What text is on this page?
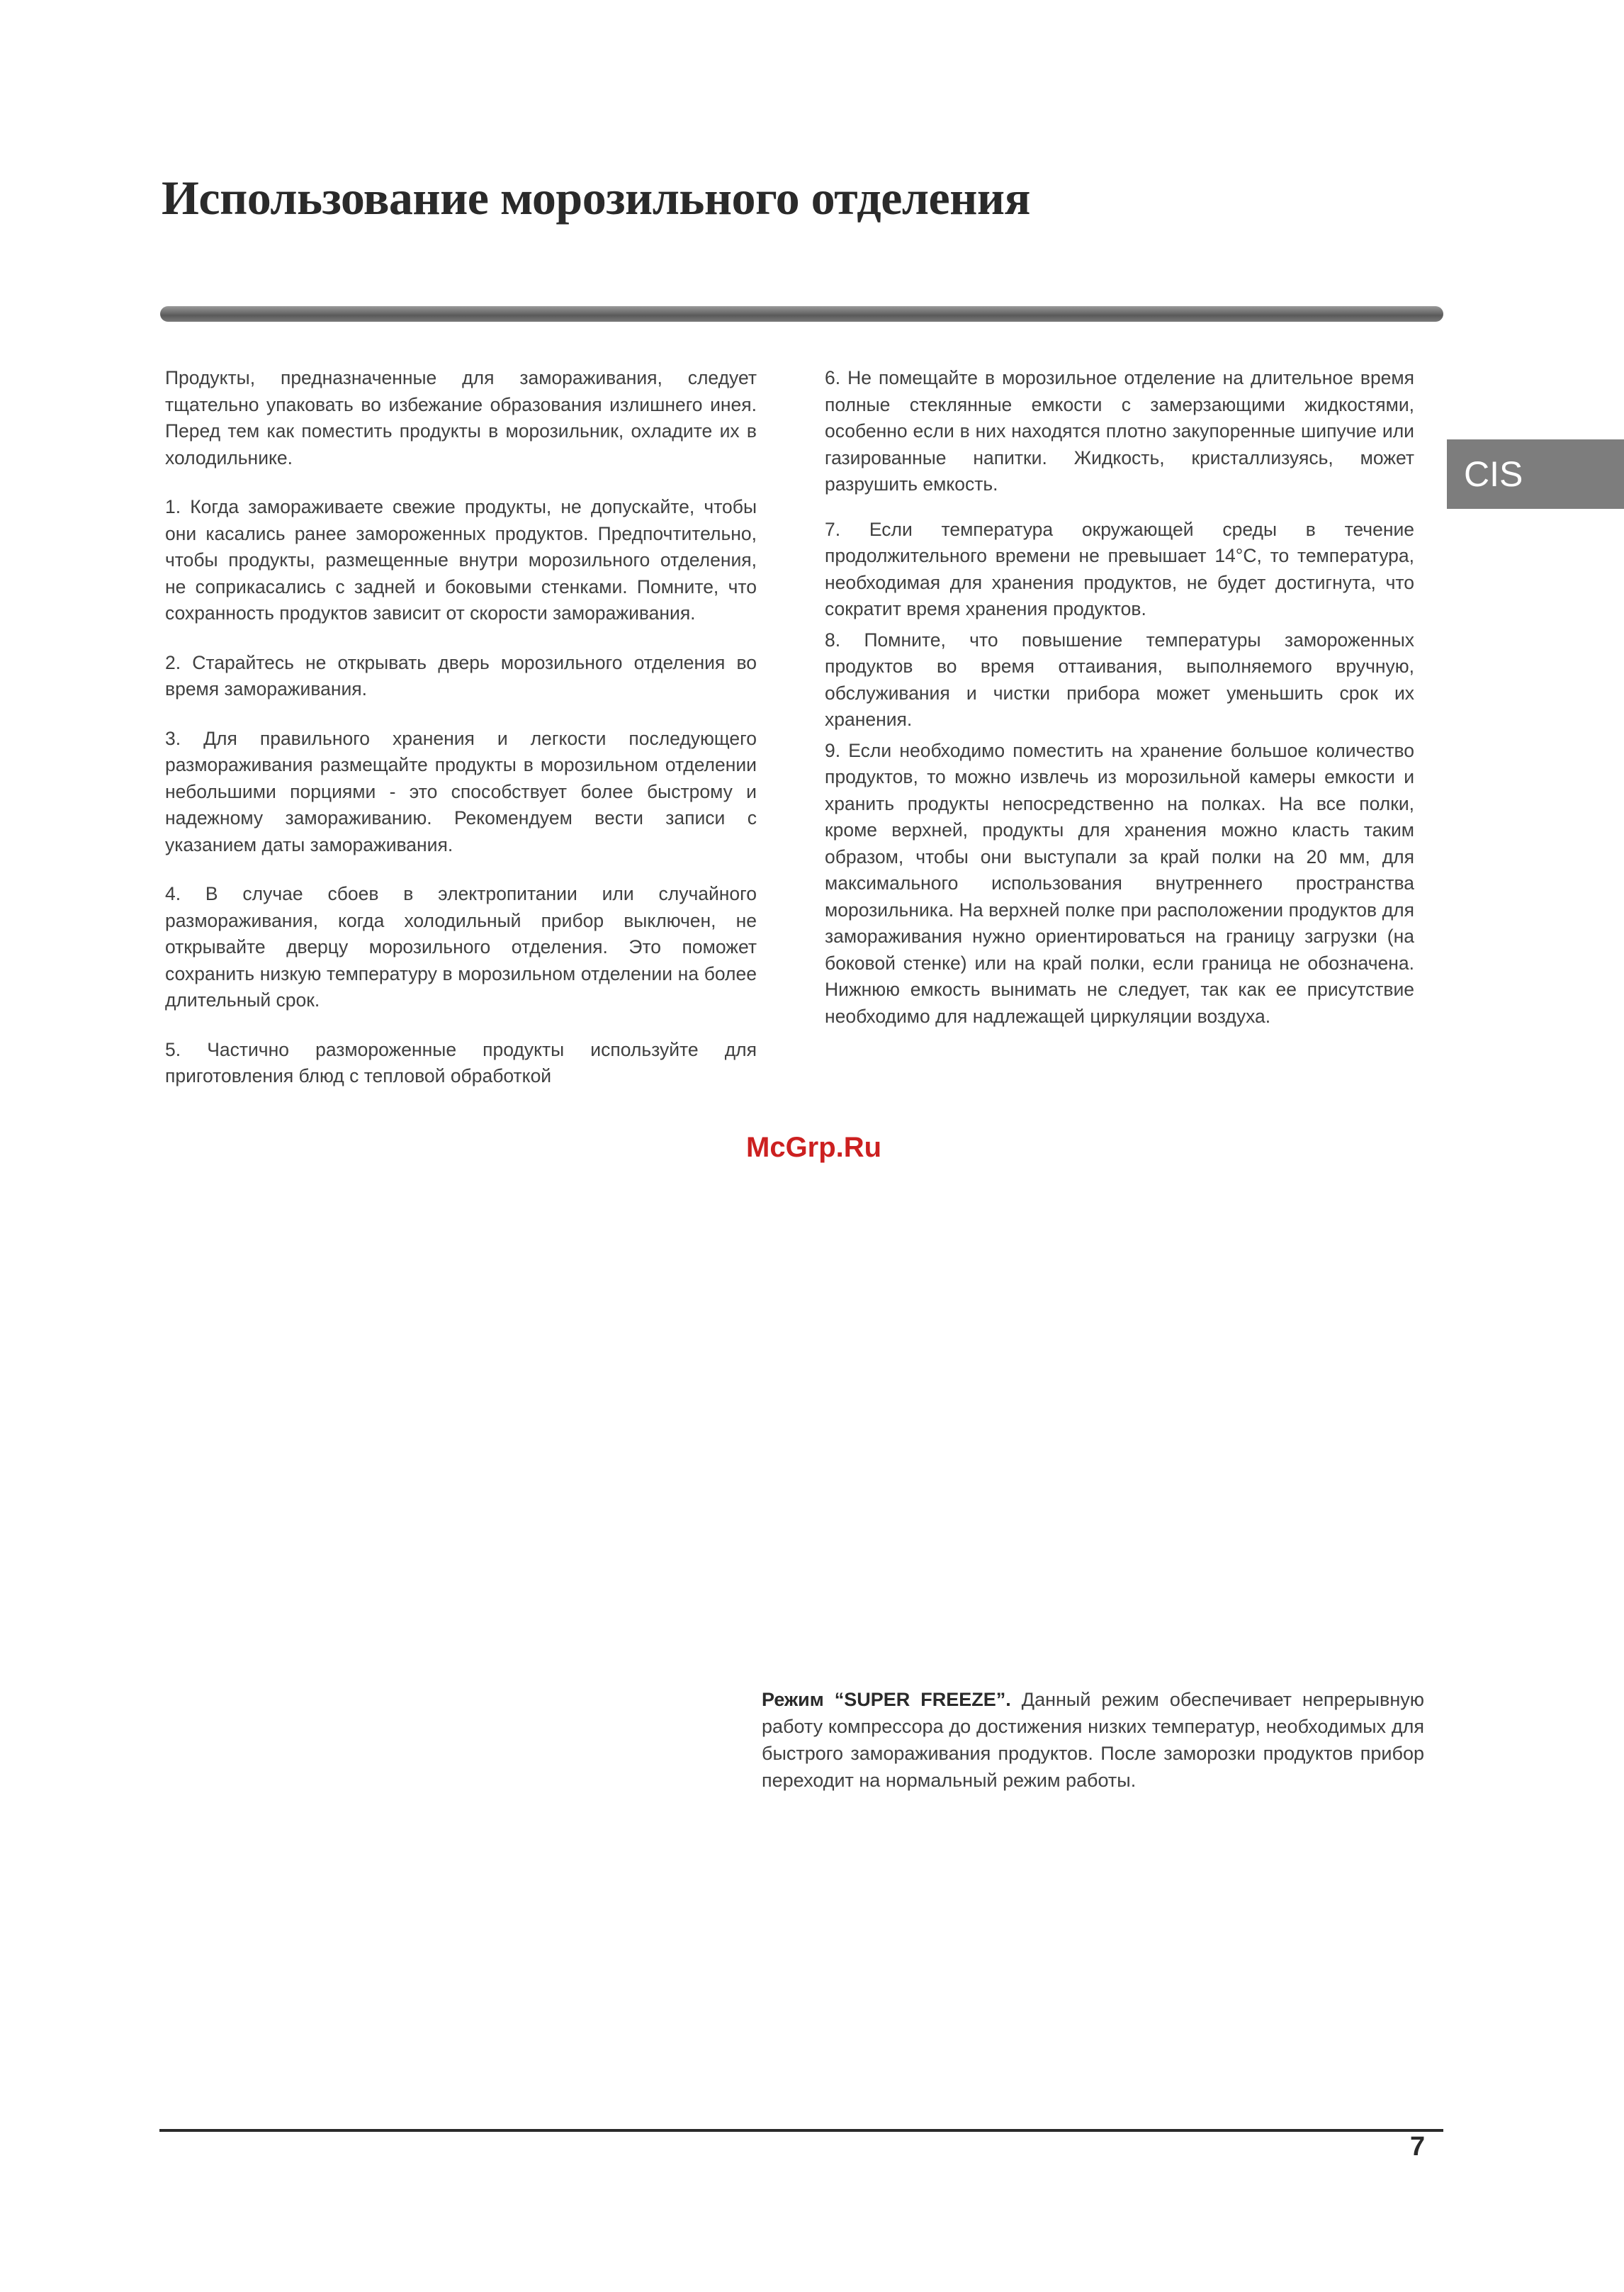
Использование морозильного отделения
CIS

Продукты, предназначенные для замораживания, следует тщательно упаковать во избежание образования излишнего инея. Перед тем как поместить продукты в морозильник, охладите их в холодильнике.

1. Когда замораживаете свежие продукты, не допускайте, чтобы они касались ранее замороженных продуктов. Предпочтительно, чтобы продукты, размещенные внутри морозильного отделения, не соприкасались с задней и боковыми стенками. Помните, что сохранность продуктов зависит от скорости замораживания.

2. Старайтесь не открывать дверь морозильного отделения во время замораживания.

3. Для правильного хранения и легкости последующего размораживания размещайте продукты в морозильном отделении небольшими порциями - это способствует более быстрому и надежному замораживанию. Рекомендуем вести записи с указанием даты замораживания.

4. В случае сбоев в электропитании или случайного размораживания, когда холодильный прибор выключен, не открывайте дверцу морозильного отделения. Это поможет сохранить низкую температуру в морозильном отделении на более длительный срок.

5. Частично размороженные продукты используйте для приготовления блюд с тепловой обработкой

6. Не помещайте в морозильное отделение на длительное время полные стеклянные емкости с замерзающими жидкостями, особенно если в них находятся плотно закупоренные шипучие или газированные напитки. Жидкость, кристаллизуясь, может разрушить емкость.

7. Если температура окружающей среды в течение продолжительного времени не превышает 14°C, то температура, необходимая для хранения продуктов, не будет достигнута, что сократит время хранения продуктов.

8. Помните, что повышение температуры замороженных продуктов во время оттаивания, выполняемого вручную, обслуживания и чистки прибора может уменьшить срок их хранения.

9. Если необходимо поместить на хранение большое количество продуктов, то можно извлечь из морозильной камеры емкости и хранить продукты непосредственно на полках. На все полки, кроме верхней, продукты для хранения можно класть таким образом, чтобы они выступали за край полки на 20 мм, для максимального использования внутреннего пространства морозильника. На верхней полке при расположении продуктов для замораживания нужно ориентироваться на границу загрузки (на боковой стенке) или на край полки, если граница не обозначена. Нижнюю емкость вынимать не следует, так как ее присутствие необходимо для надлежащей циркуляции воздуха.

McGrp.Ru

Режим “SUPER FREEZE”. Данный режим обеспечивает непрерывную работу компрессора до достижения низких температур, необходимых для быстрого замораживания продуктов. После заморозки продуктов прибор переходит на нормальный режим работы.

7
